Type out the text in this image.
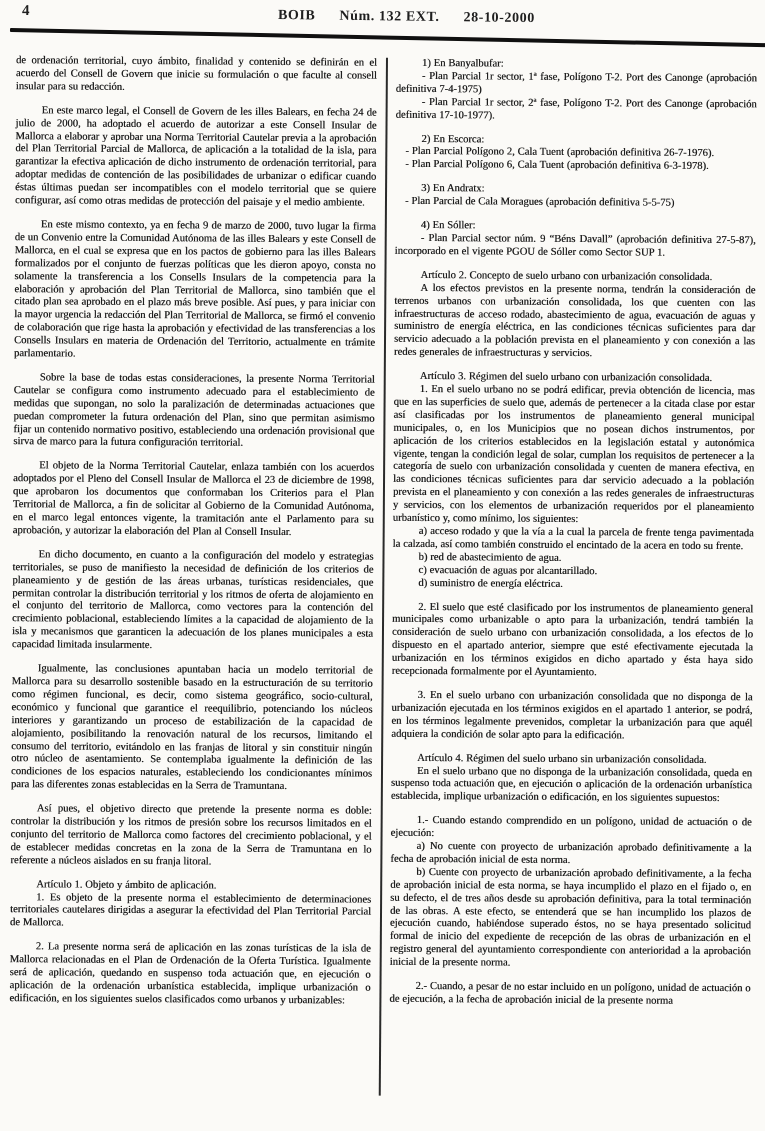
4	BOIB Núm. 132 EXT. 28-10-2000

de ordenación territorial, cuyo ámbito, finalidad y contenido se definirán en el acuerdo del Consell de Govern que inicie su formulación o que faculte al consell insular para su redacción.

En este marco legal, el Consell de Govern de les illes Balears, en fecha 24 de julio de 2000, ha adoptado el acuerdo de autorizar a este Consell Insular de Mallorca a elaborar y aprobar una Norma Territorial Cautelar previa a la aprobación del Plan Territorial Parcial de Mallorca, de aplicación a la totalidad de la isla, para garantizar la efectiva aplicación de dicho instrumento de ordenación territorial, para adoptar medidas de contención de las posibilidades de urbanizar o edificar cuando éstas últimas puedan ser incompatibles con el modelo territorial que se quiere configurar, así como otras medidas de protección del paisaje y el medio ambiente.

En este mismo contexto, ya en fecha 9 de marzo de 2000, tuvo lugar la firma de un Convenio entre la Comunidad Autónoma de las illes Balears y este Consell de Mallorca, en el cual se expresa que en los pactos de gobierno para las illes Balears formalizados por el conjunto de fuerzas políticas que les dieron apoyo, consta no solamente la transferencia a los Consells Insulars de la competencia para la elaboración y aprobación del Plan Territorial de Mallorca, sino también que el citado plan sea aprobado en el plazo más breve posible. Así pues, y para iniciar con la mayor urgencia la redacción del Plan Territorial de Mallorca, se firmó el convenio de colaboración que rige hasta la aprobación y efectividad de las transferencias a los Consells Insulars en materia de Ordenación del Territorio, actualmente en trámite parlamentario.

Sobre la base de todas estas consideraciones, la presente Norma Territorial Cautelar se configura como instrumento adecuado para el establecimiento de medidas que supongan, no solo la paralización de determinadas actuaciones que puedan comprometer la futura ordenación del Plan, sino que permitan asimismo fijar un contenido normativo positivo, estableciendo una ordenación provisional que sirva de marco para la futura configuración territorial.

El objeto de la Norma Territorial Cautelar, enlaza también con los acuerdos adoptados por el Pleno del Consell Insular de Mallorca el 23 de diciembre de 1998, que aprobaron los documentos que conformaban los Criterios para el Plan Territorial de Mallorca, a fin de solicitar al Gobierno de la Comunidad Autónoma, en el marco legal entonces vigente, la tramitación ante el Parlamento para su aprobación, y autorizar la elaboración del Plan al Consell Insular.

En dicho documento, en cuanto a la configuración del modelo y estrategias territoriales, se puso de manifiesto la necesidad de definición de los criterios de planeamiento y de gestión de las áreas urbanas, turísticas residenciales, que permitan controlar la distribución territorial y los ritmos de oferta de alojamiento en el conjunto del territorio de Mallorca, como vectores para la contención del crecimiento poblacional, estableciendo límites a la capacidad de alojamiento de la isla y mecanismos que garanticen la adecuación de los planes municipales a esta capacidad limitada insularmente.

Igualmente, las conclusiones apuntaban hacia un modelo territorial de Mallorca para su desarrollo sostenible basado en la estructuración de su territorio como régimen funcional, es decir, como sistema geográfico, socio-cultural, económico y funcional que garantice el reequilibrio, potenciando los núcleos interiores y garantizando un proceso de estabilización de la capacidad de alojamiento, posibilitando la renovación natural de los recursos, limitando el consumo del territorio, evitándolo en las franjas de litoral y sin constituir ningún otro núcleo de asentamiento. Se contemplaba igualmente la definición de las condiciones de los espacios naturales, estableciendo los condicionantes mínimos para las diferentes zonas establecidas en la Serra de Tramuntana.

Así pues, el objetivo directo que pretende la presente norma es doble: controlar la distribución y los ritmos de presión sobre los recursos limitados en el conjunto del territorio de Mallorca como factores del crecimiento poblacional, y el de establecer medidas concretas en la zona de la Serra de Tramuntana en lo referente a núcleos aislados en su franja litoral.

Artículo 1. Objeto y ámbito de aplicación.

1. Es objeto de la presente norma el establecimiento de determinaciones territoriales cautelares dirigidas a asegurar la efectividad del Plan Territorial Parcial de Mallorca.

2. La presente norma será de aplicación en las zonas turísticas de la isla de Mallorca relacionadas en el Plan de Ordenación de la Oferta Turística. Igualmente será de aplicación, quedando en suspenso toda actuación que, en ejecución o aplicación de la ordenación urbanística establecida, implique urbanización o edificación, en los siguientes suelos clasificados como urbanos y urbanizables:

1) En Banyalbufar:

- Plan Parcial 1r sector, 1ª fase, Polígono T-2. Port des Canonge (aprobación definitiva 7-4-1975)

- Plan Parcial 1r sector, 2ª fase, Polígono T-2. Port des Canonge (aprobación definitiva 17-10-1977).

2) En Escorca:

- Plan Parcial Polígono 2, Cala Tuent (aprobación definitiva 26-7-1976).

- Plan Parcial Polígono 6, Cala Tuent (aprobación definitiva 6-3-1978).

3) En Andratx:

- Plan Parcial de Cala Moragues (aprobación definitiva 5-5-75)

4) En Sóller:

- Plan Parcial sector núm. 9 “Béns Davall” (aprobación definitiva 27-5-87), incorporado en el vigente PGOU de Sóller como Sector SUP 1.

Artículo 2. Concepto de suelo urbano con urbanización consolidada.

A los efectos previstos en la presente norma, tendrán la consideración de terrenos urbanos con urbanización consolidada, los que cuenten con las infraestructuras de acceso rodado, abastecimiento de agua, evacuación de aguas y suministro de energía eléctrica, en las condiciones técnicas suficientes para dar servicio adecuado a la población prevista en el planeamiento y con conexión a las redes generales de infraestructuras y servicios.

Artículo 3. Régimen del suelo urbano con urbanización consolidada.

1. En el suelo urbano no se podrá edificar, previa obtención de licencia, mas que en las superficies de suelo que, además de pertenecer a la citada clase por estar así clasificadas por los instrumentos de planeamiento general municipal municipales, o, en los Municipios que no posean dichos instrumentos, por aplicación de los criterios establecidos en la legislación estatal y autonómica vigente, tengan la condición legal de solar, cumplan los requisitos de pertenecer a la categoría de suelo con urbanización consolidada y cuenten de manera efectiva, en las condiciones técnicas suficientes para dar servicio adecuado a la población prevista en el planeamiento y con conexión a las redes generales de infraestructuras y servicios, con los elementos de urbanización requeridos por el planeamiento urbanístico y, como mínimo, los siguientes:

a) acceso rodado y que la vía a la cual la parcela de frente tenga pavimentada la calzada, así como también construido el encintado de la acera en todo su frente.

b) red de abastecimiento de agua.

c) evacuación de aguas por alcantarillado.

d) suministro de energía eléctrica.

2. El suelo que esté clasificado por los instrumentos de planeamiento general municipales como urbanizable o apto para la urbanización, tendrá también la consideración de suelo urbano con urbanización consolidada, a los efectos de lo dispuesto en el apartado anterior, siempre que esté efectivamente ejecutada la urbanización en los términos exigidos en dicho apartado y ésta haya sido recepcionada formalmente por el Ayuntamiento.

3. En el suelo urbano con urbanización consolidada que no disponga de la urbanización ejecutada en los términos exigidos en el apartado 1 anterior, se podrá, en los términos legalmente prevenidos, completar la urbanización para que aquél adquiera la condición de solar apto para la edificación.

Artículo 4. Régimen del suelo urbano sin urbanización consolidada.

En el suelo urbano que no disponga de la urbanización consolidada, queda en suspenso toda actuación que, en ejecución o aplicación de la ordenación urbanística establecida, implique urbanización o edificación, en los siguientes supuestos:

1.- Cuando estando comprendido en un polígono, unidad de actuación o de ejecución:

a) No cuente con proyecto de urbanización aprobado definitivamente a la fecha de aprobación inicial de esta norma.

b) Cuente con proyecto de urbanización aprobado definitivamente, a la fecha de aprobación inicial de esta norma, se haya incumplido el plazo en el fijado o, en su defecto, el de tres años desde su aprobación definitiva, para la total terminación de las obras. A este efecto, se entenderá que se han incumplido los plazos de ejecución cuando, habiéndose superado éstos, no se haya presentado solicitud formal de inicio del expediente de recepción de las obras de urbanización en el registro general del ayuntamiento correspondiente con anterioridad a la aprobación inicial de la presente norma.

2.- Cuando, a pesar de no estar incluido en un polígono, unidad de actuación o de ejecución, a la fecha de aprobación inicial de la presente norma
